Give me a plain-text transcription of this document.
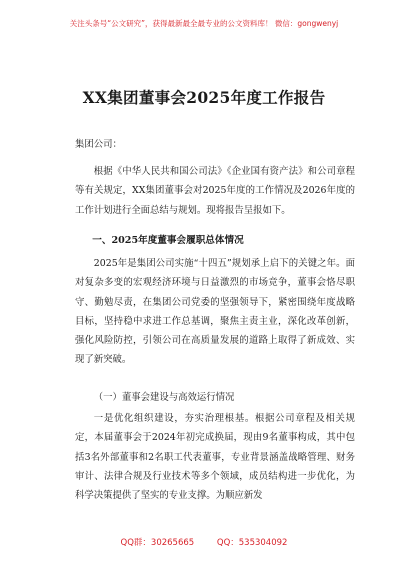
关注头条号“公文研究”，获得最新最全最专业的公文资料库！ 微信：gongwenyj
XX集团董事会2025年度工作报告
集团公司：

根据《中华人民共和国公司法》《企业国有资产法》和公司章程等有关规定，XX集团董事会对2025年度的工作情况及2026年度的工作计划进行全面总结与规划。现将报告呈报如下。

一、2025年度董事会履职总体情况

2025年是集团公司实施“十四五”规划承上启下的关键之年。面对复杂多变的宏观经济环境与日益激烈的市场竞争，董事会恪尽职守、勤勉尽责，在集团公司党委的坚强领导下，紧密围绕年度战略目标，坚持稳中求进工作总基调，聚焦主责主业，深化改革创新，强化风险防控，引领公司在高质量发展的道路上取得了新成效、实现了新突破。

（一）董事会建设与高效运行情况

一是优化组织建设，夯实治理根基。根据公司章程及相关规定，本届董事会于2024年初完成换届，现由9名董事构成，其中包括3名外部董事和2名职工代表董事，专业背景涵盖战略管理、财务审计、法律合规及行业技术等多个领域，成员结构进一步优化，为科学决策提供了坚实的专业支撑。为顺应新发

QQ群：30265665	QQ：535304092
